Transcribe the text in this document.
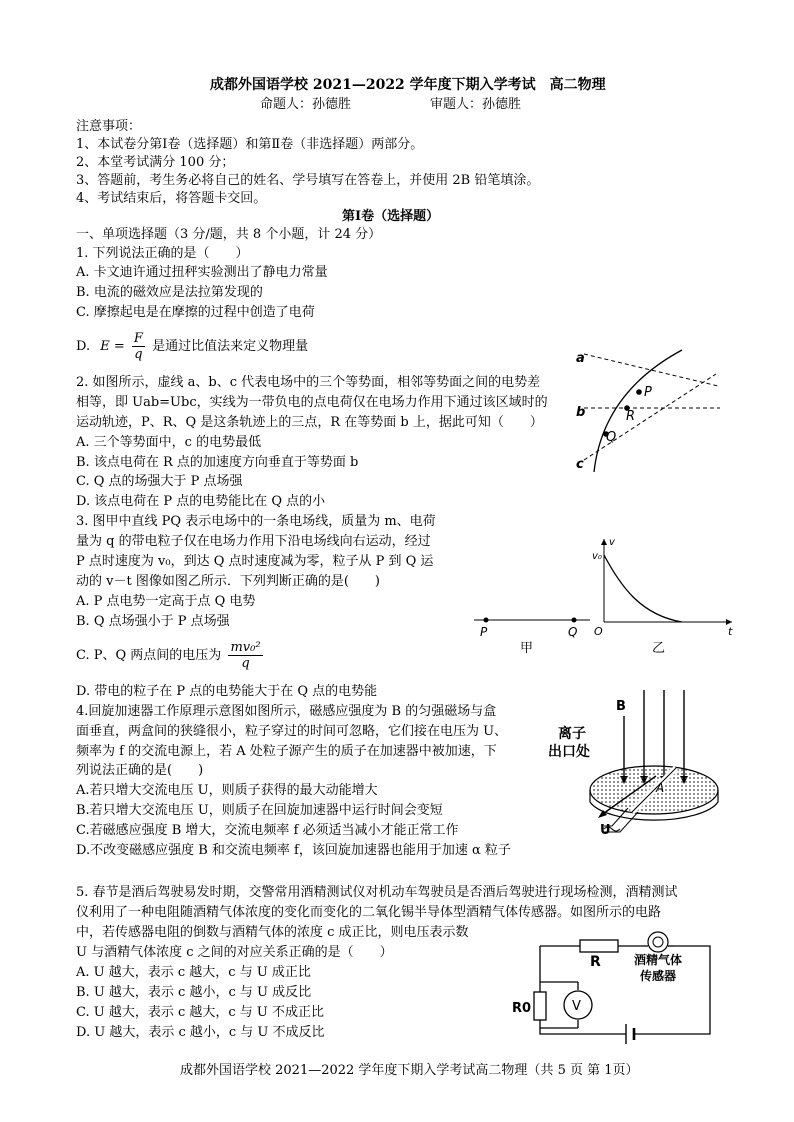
成都外国语学校 2021—2022 学年度下期入学考试　高二物理
命题人：孙德胜	审题人：孙德胜
注意事项：
1、本试卷分第Ⅰ卷（选择题）和第Ⅱ卷（非选择题）两部分。
2、本堂考试满分 100 分；
3、答题前，考生务必将自己的姓名、学号填写在答卷上，并使用 2B 铅笔填涂。
4、考试结束后，将答题卡交回。
第Ⅰ卷（选择题）
一、单项选择题（3 分/题，共 8 个小题，计 24 分）
1. 下列说法正确的是（　　）
A. 卡文迪许通过扭秤实验测出了静电力常量
B. 电流的磁效应是法拉第发现的
C. 摩擦起电是在摩擦的过程中创造了电荷
D. $E = \frac{F}{q}$ 是通过比值法来定义物理量
2. 如图所示，虚线 a、b、c 代表电场中的三个等势面，相邻等势面之间的电势差
相等，即 Uab=Ubc，实线为一带负电的点电荷仅在电场力作用下通过该区域时的
运动轨迹，P、R、Q 是这条轨迹上的三点，R 在等势面 b 上，据此可知（　　）
A. 三个等势面中，c 的电势最低
B. 该点电荷在 R 点的加速度方向垂直于等势面 b
C. Q 点的场强大于 P 点场强
D. 该点电荷在 P 点的电势能比在 Q 点的小
a
b
c
P
R
Q
3. 图甲中直线 PQ 表示电场中的一条电场线，质量为 m、电荷
量为 q 的带电粒子仅在电场力作用下沿电场线向右运动，经过
P 点时速度为 v₀，到达 Q 点时速度减为零，粒子从 P 到 Q 运
动的 v－t 图像如图乙所示．下列判断正确的是(　　)
A. P 点电势一定高于点 Q 电势
B. Q 点场强小于 P 点场强
C. P、Q 两点间的电压为 $\frac{\text{mv₀²}}{q}$
D. 带电的粒子在 P 点的电势能大于在 Q 点的电势能
P	Q
甲
v₀
v
O	t
乙
4.回旋加速器工作原理示意图如图所示，磁感应强度为 B 的匀强磁场与盒
面垂直，两盒间的狭缝很小，粒子穿过的时间可忽略，它们接在电压为 U、
频率为 f 的交流电源上，若 A 处粒子源产生的质子在加速器中被加速，下
列说法正确的是(　　)
A.若只增大交流电压 U，则质子获得的最大动能增大
B.若只增大交流电压 U，则质子在回旋加速器中运行时间会变短
C.若磁感应强度 B 增大，交流电频率 f 必须适当减小才能正常工作
D.不改变磁感应强度 B 和交流电频率 f，该回旋加速器也能用于加速 α 粒子
B
A
离子
出口处
U
5. 春节是酒后驾驶易发时期，交警常用酒精测试仪对机动车驾驶员是否酒后驾驶进行现场检测，酒精测试
仪利用了一种电阻随酒精气体浓度的变化而变化的二氧化锡半导体型酒精气体传感器。如图所示的电路
中，若传感器电阻的倒数与酒精气体的浓度 c 成正比，则电压表示数
U 与酒精气体浓度 c 之间的对应关系正确的是（　　）
A. U 越大，表示 c 越大，c 与 U 成正比
B. U 越大，表示 c 越小，c 与 U 成反比
C. U 越大，表示 c 越大，c 与 U 不成正比
D. U 越大，表示 c 越小，c 与 U 不成反比
R	酒精气体
传感器
R0	V
成都外国语学校 2021—2022 学年度下期入学考试高二物理（共 5 页 第 1页）
